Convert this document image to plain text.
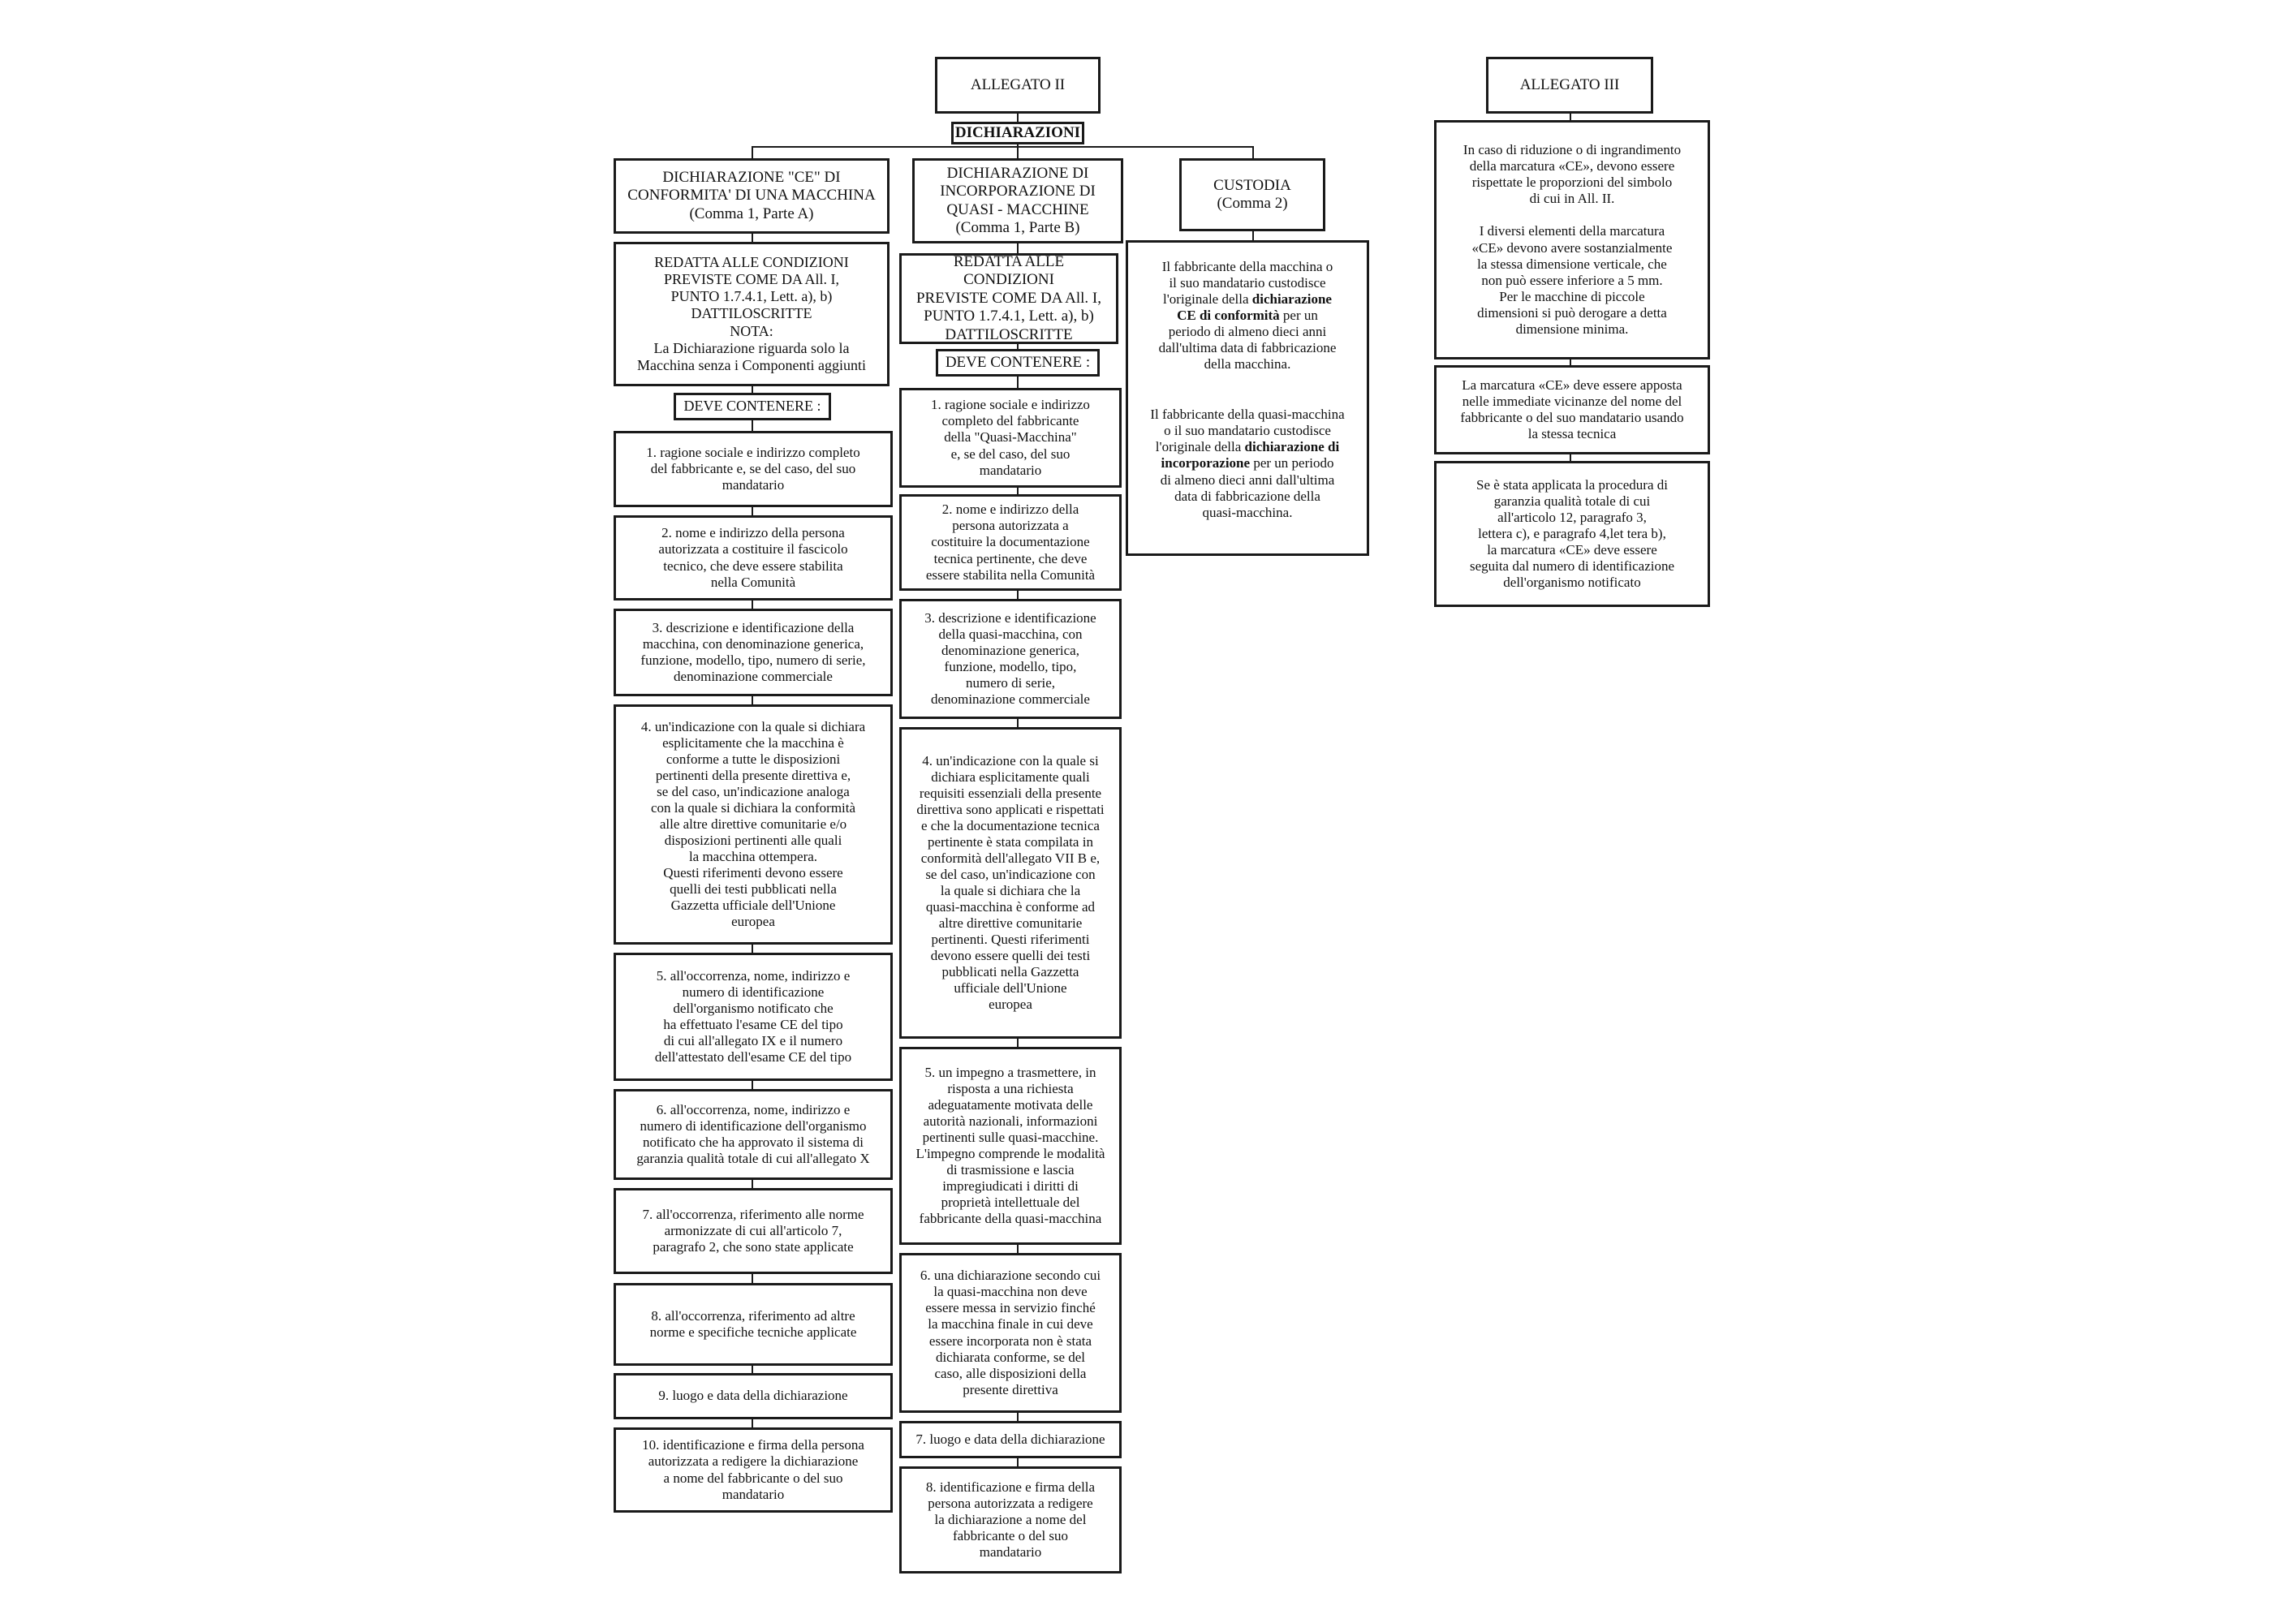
ALLEGATO II
DICHIARAZIONI
DICHIARAZIONE "CE" DI
CONFORMITA' DI UNA MACCHINA
(Comma 1, Parte A)
REDATTA ALLE CONDIZIONI
PREVISTE COME DA All. I,
PUNTO 1.7.4.1, Lett. a), b)
DATTILOSCRITTE
NOTA:
La Dichiarazione riguarda solo la
Macchina senza i Componenti aggiunti
DEVE CONTENERE :
1. ragione sociale e indirizzo completo
del fabbricante e, se del caso, del suo
mandatario
2. nome e indirizzo della persona
autorizzata a costituire il fascicolo
tecnico, che deve essere stabilita
nella Comunità
3. descrizione e identificazione della
macchina, con denominazione generica,
funzione, modello, tipo, numero di serie,
denominazione commerciale
4. un'indicazione con la quale si dichiara
esplicitamente che la macchina è
conforme a tutte le disposizioni
pertinenti della presente direttiva e,
se del caso, un'indicazione analoga
con la quale si dichiara la conformità
alle altre direttive comunitarie e/o
disposizioni pertinenti alle quali
la macchina ottempera.
Questi riferimenti devono essere
quelli dei testi pubblicati nella
Gazzetta ufficiale dell'Unione
europea
5. all'occorrenza, nome, indirizzo e
numero di identificazione
dell'organismo notificato che
ha effettuato l'esame CE del tipo
di cui all'allegato IX e il numero
dell'attestato dell'esame CE del tipo
6. all'occorrenza, nome, indirizzo e
numero di identificazione dell'organismo
notificato che ha approvato il sistema di
garanzia qualità totale di cui all'allegato X
7. all'occorrenza, riferimento alle norme
armonizzate di cui all'articolo 7,
paragrafo 2, che sono state applicate
8. all'occorrenza, riferimento ad altre
norme e specifiche tecniche applicate
9. luogo e data della dichiarazione
10. identificazione e firma della persona
autorizzata a redigere la dichiarazione
a nome del fabbricante o del suo
mandatario
DICHIARAZIONE DI
INCORPORAZIONE DI
QUASI - MACCHINE
(Comma 1, Parte B)
REDATTA ALLE CONDIZIONI
PREVISTE COME DA All. I,
PUNTO 1.7.4.1, Lett. a), b)
DATTILOSCRITTE
DEVE CONTENERE :
1. ragione sociale e indirizzo
completo del fabbricante
della "Quasi-Macchina"
e, se del caso, del suo
mandatario
2. nome e indirizzo della
persona autorizzata a
costituire la documentazione
tecnica pertinente, che deve
essere stabilita nella Comunità
3. descrizione e identificazione
della quasi-macchina, con
denominazione generica,
funzione, modello, tipo,
numero di serie,
denominazione commerciale
4. un'indicazione con la quale si
dichiara esplicitamente quali
requisiti essenziali della presente
direttiva sono applicati e rispettati
e che la documentazione tecnica
pertinente è stata compilata in
conformità dell'allegato VII B e,
se del caso, un'indicazione con
la quale si dichiara che la
quasi-macchina è conforme ad
altre direttive comunitarie
pertinenti. Questi riferimenti
devono essere quelli dei testi
pubblicati nella Gazzetta
ufficiale dell'Unione
europea
5. un impegno a trasmettere, in
risposta a una richiesta
adeguatamente motivata delle
autorità nazionali, informazioni
pertinenti sulle quasi-macchine.
L'impegno comprende le modalità
di trasmissione e lascia
impregiudicati i diritti di
proprietà intellettuale del
fabbricante della quasi-macchina
6. una dichiarazione secondo cui
la quasi-macchina non deve
essere messa in servizio finché
la macchina finale in cui deve
essere incorporata non è stata
dichiarata conforme, se del
caso, alle disposizioni della
presente direttiva
7. luogo e data della dichiarazione
8. identificazione e firma della
persona autorizzata a redigere
la dichiarazione a nome del
fabbricante o del suo
mandatario
CUSTODIA
(Comma 2)
Il fabbricante della macchina o
il suo mandatario custodisce
l'originale della dichiarazione
CE di conformità per un
periodo di almeno dieci anni
dall'ultima data di fabbricazione
della macchina.
Il fabbricante della quasi-macchina
o il suo mandatario custodisce
l'originale della dichiarazione di
incorporazione per un periodo
di almeno dieci anni dall'ultima
data di fabbricazione della
quasi-macchina.
ALLEGATO III
In caso di riduzione o di ingrandimento
della marcatura «CE», devono essere
rispettate le proporzioni del simbolo
di cui in All. II.

I diversi elementi della marcatura
«CE» devono avere sostanzialmente
la stessa dimensione verticale, che
non può essere inferiore a 5 mm.
Per le macchine di piccole
dimensioni si può derogare a detta
dimensione minima.
La marcatura «CE» deve essere apposta
nelle immediate vicinanze del nome del
fabbricante o del suo mandatario usando
la stessa tecnica
Se è stata applicata la procedura di
garanzia qualità totale di cui
all'articolo 12, paragrafo 3,
lettera c), e paragrafo 4,let tera b),
la marcatura «CE» deve essere
seguita dal numero di identificazione
dell'organismo notificato
